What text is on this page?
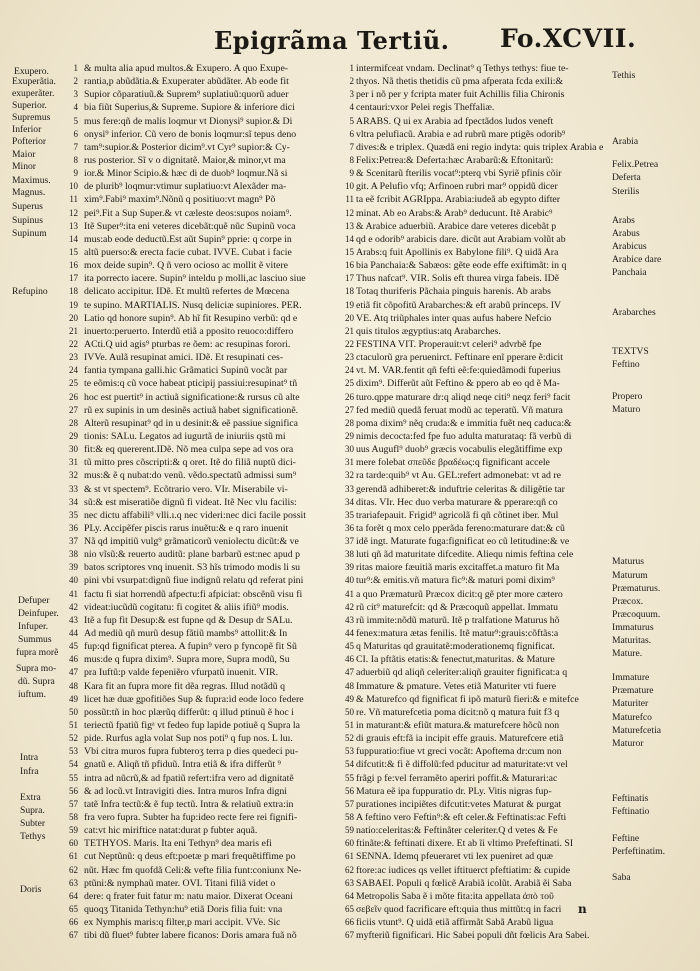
Epigrãma Tertiũ. Fo.XCVII.
1
2
3
4
5
6
7
8
9
10
11
12
13
14
15
16
17
18
19
20
21
22
23
24
25
26
27
28
29
30
31
32
33
34
35
36
37
38
39
40
41
42
43
44
45
46
47
48
49
50
51
52
53
54
55
56
57
58
59
60
61
62
63
64
65
66
67
& multa alia apud multos.& Exupero. A quo Exupe-
rantia,p abũdãtia.& Exuperater abũdãter. Ab eode fit
Supior cõparatiuũ.& Suprem⁹ suplatiuũ:quorũ aduer
bia fiũt Superius,& Supreme. Supiore & inferiore dici
mus fere:qñ de malis loqmur vt Dionysi⁹ supior.& Di
onysi⁹ inferior. Cũ vero de bonis loqmur:sĩ tepus deno
tam⁹:supior.& Posterior dicim⁹.vt Cyr⁹ supior:& Cy-
rus posterior. Sĩ v o dignitatẽ. Maior,& minor,vt ma
ior.& Minor Scipio.& hæc di de duob⁹ loqmur.Nã si
de plurib⁹ loqmur:vtimur suplatiuo:vt Alexãder ma-
xim⁹.Fabi⁹ maxim⁹.Nõnũ q positiuo:vt magn⁹ Põ
pei⁹.Fit a Sup Super.& vt cæleste deos:supos noiam⁹.
Itẽ Super⁹:ita eni veteres dicebãt:quẽ nũc Supinũ voca
mus:ab eode deductũ.Est aũt Supin⁹ pprie: q corpe in
altũ puerso:& erecta facie cubat. IVVE. Cubat i facie
mox deide supin⁹. Q ñ vero ocioso ac mollit ẽ vitere
ita porrecto iacere. Supin⁹ inteldu p molli,ac lasciuo siue
delicato accipitur. IDẽ. Et multũ refertes de Mœcena
te supino. MARTIALIS. Nusq deliciæ supiniores. PER.
Latio qd honore supin⁹. Ab hĩ fit Resupino verbũ: qd e
inuerto:peruerto. Interdũ etiã a pposito reuoco:differo
ACti.Q uid agis⁹ pturbas re õem: ac resupinas forori.
IVVe. Aulã resupinat amici. IDẽ. Et resupinati ces-
fantia tympana galli.hic Grãmatici Supinũ vocãt par
te eõmis:q cũ voce habeat pticipij passiui:resupinat⁹ tñ
hoc est puertit⁹ in actiuã significatione:& rursus cũ alte
rũ ex supinis in um desinẽs actiuã habet significationẽ.
Alterũ resupinat⁹ qd in u desinit:& eẽ passiue significa
tionis: SALu. Legatos ad iugurtã de iniuriis qstũ mi
fit:& eq quererent.IDẽ. Nõ mea culpa sepe ad vos ora
tũ mitto pres cõscripti:& q oret. Itẽ do filiã nuptũ dici-
mus:& ẽ q nubat:do venũ. vẽdo.spectatũ admissi sum⁹
& st vt spectem⁹. Ecõtrario vero. VIr. Miserabile vi-
sũ:& est miseratiõe dignũ fi videat. Itẽ Nec vlu facilis:
nec dictu affabili⁹ vlli.ı.q nec videri:nec dici facile possit
PLy. Accipẽfer piscis rarus inuẽtu:& e q raro inuenit
Nã qd impitiũ vulg⁹ grãmaticorũ veniolectu dicũt:& ve
nio vĩsũ:& reuerto auditũ: plane barbarũ est:nec apud p
batos scriptores vnq inuenit. S3 hĩs trimodo modis li su
pini vbi vsurpat:dignũ fiue indignũ relatu qd referat pini
factu fi siat horrendũ afpectu:fi afpiciat: obscẽnũ visu fi
videat:iucũdũ cogitatu: fi cogitet & aliis ifiũ⁹ modis.
Itẽ a fup fit Desup:& est fupne qd & Desup dr SALu.
Ad mediũ qñ murũ desup fãtiũ mambs⁹ attollit:& In
fup:qd fignificat pterea. A fupin⁹ vero p fyncopẽ fit Sũ
mus:de q fupra dixim⁹. Supra more, Supra modũ, Su
pra Iuftũ:p valde fepeniẽro vfurpatũ inuenit. VIR.
Kara fit an fupra more fit dẽa regras. Illud notãdũ q
licet hæ duæ gpofitiões Sup & fupra:id eode loco federe
possũt:tñ in hoc plærũq differũt: q illud ptinuũ ẽ hoc i
teriectũ fpatiũ figᵃ vt fedeo fup lapide potiuẽ q Supra la
pide. Rurfus agla volat Sup nos poti⁹ q fup nos. L luı.
Vbi citra muros fupra fubteroʒ terra p dies quedeci pu-
gnatũ e. Aliqñ tñ pfiduũ. Intra etiã & ifra differũt ⁹
intra ad nũcrũ,& ad fpatiũ refert:ifra vero ad dignitatẽ
& ad locũ.vt Intravigiti dies. Intra muros Infra digni
tatẽ Infra tectũ:& ẽ fup tectũ. Intra & relatiuũ extra:in
fra vero fupra. Subter ha fup:ideo recte fere rei fignifi-
cat:vt hic miriftice natat:durat p fubter aquã.
TETHYOS. Maris. Ita eni Tethyn⁹ dea maris efi
cut Neptũnũ: q deus eft:poetæ p mari frequẽtiffime po
nũt. Hæc fm quofdã Celi:& vefte filia funt:coniunx Ne-
ptũni:& nymphaũ mater. OVI. Titani filiã videt o
dere: q frater fuit fatur m: natu maior. Dixerat Oceani
quoqʒ Titanida Tethyn:hu⁹ etiã Doris filia fuit: vna
ex Nymphis maris:q filter,p mari accipit. VVe. Sic
tibi dũ fluet⁹ fubter labere ficanos: Doris amara fuã nõ
1
2
3
4
5
6
7
8
9
10
11
12
13
14
15
16
17
18
19
20
21
22
23
24
25
26
27
28
29
30
31
32
33
34
35
36
37
38
39
40
41
42
43
44
45
46
47
48
49
50
51
52
53
54
55
56
57
58
59
60
61
62
63
64
65
66
67
intermifceat vndam. Declinat⁹ q Tethys tethys: fiue te-
thyos. Nã thetis thetidis cũ pma afperata fcda exili:&
per i nõ per y fcripta mater fuit Achillis filia Chironis
centauri:vxor Pelei regis Theffaliæ.
ARABS. Q ui ex Arabia ad fpectãdos ludos veneft
vltra pelufiacũ. Arabia e ad rubrũ mare ptigẽs odorib⁹
dives:& e triplex. Quædã eni regio indyta: quis triplex Arabia e
Felix:Petrea:& Deferta:hæc Arabarũ:& Eftonitarũ:
& Scenitarũ fterilis vocat⁹:pterq vbi Syriẽ pfinis cõir
git. A Pelufio vfq; Arfinoen rubri mar⁹ oppidũ dicer
ta eẽ fcribit AGRIppa. Arabia:iudeã ab egypto difter
minat. Ab eo Arabs:& Arab⁹ deducunt. Itẽ Arabic⁹
& Arabice aduerbiũ. Arabice dare veteres dicebãt p
qd e odorib⁹ arabicis dare. dicũt aut Arabiam volũt ab
Arabs:q fuit Apollinis ex Babylone fili⁹. Q uidã Ara
bia Panchaia:& Sabæos: gẽte eode effe exiftimãt: in q
Thus nafcat⁹. VIR. Solis eft thurea virga fabeis. IDẽ
Totaq thuriferis Pãchaia pinguis harenis. Ab arabs
etiã fit cõpofitũ Arabarches:& eft arabũ princeps. IV
VE. Atq triũphales inter quas aufus habere Nefcio
quis titulos ægyptius:atq Arabarches.
FESTINA VIT. Properauit:vt celeri⁹ advrbẽ fpe
ctaculorũ gra peruenirct. Feftinare enĩ pperare ẽ:dicit
vt. M. VAR.fentit qñ fefti eẽ:fe:quiedãmodi fuperius
dixim⁹. Differũt aũt Feftino & ppero ab eo qd ẽ Ma-
turo.qppe maturare dr:q aliqd neqe citi⁹ neqz feri⁹ facit
fed mediũ quedã feruat modũ ac teperatũ. Vñ matura
poma dixim⁹ nẽq cruda:& e immitia fuẽt neq caduca:&
nimis decocta:fed fpe fuo adulta maturataq: fã verbũ di
uus Augufl⁹ duob⁹ græcis vocabulis elegãtiffime exp
mere folebat σπεῦδε βραδέως:q fignificant accele
ra tarde:quib⁹ vt Au. GEL:refert admonebat: vt ad re
gerendã adhiberet:& induftrie celeritas & diligẽtie tar
ditas. VIr. Hec duo verba maturare & pperare:qñ co
trariafepauit. Frigid⁹ agricolã fi qñ cõtinet iber. Mul
ta forẽt q mox celo pperãda fereno:maturare dat:& cũ
idẽ ingt. Maturate fuga:fignificat eo cũ letitudine:& ve
luti qñ ãd maturitate difcedite. Aliequ nimis feftina cele
ritas maiore fæuitiã maris excitaffet.a maturo fit Ma
tur⁹:& emitis.vñ matura fic⁹:& maturi pomi dixim⁹
a quo Præmaturũ Præcox dicit:q gẽ pter more cætero
rũ cit⁹ maturefcit: qd & Præcoquũ appellat. Immatu
rũ immite:nõdũ maturũ. Itẽ p tralfatione Maturus hõ
fenex:matura ætas fenilis. Itẽ matur⁹:grauis:cõftãs:a
q Maturitas qd grauitatẽ:moderationemq fignificat.
CI. Ia pftãtis etatis:& fenectut,maturitas. & Mature
aduerbiũ qd aliqñ celeriter:aliqñ grauiter fignificat:a q
Immature & pmature. Vetes etiã Maturiter vti fuere
& Maturefco qd fignificat fi ipõ maturũ fieri:& e mitefce
re. Vñ maturefcetia poma dicit:nõ q matura fuit f3 q
in maturant:& efiũt matura.& maturefcere hõcũ non
di grauis eft:fã ia incipit effe grauis. Maturefcere etiã
fuppuratio:fiue vt greci vocãt: Apoftema dr:cum non
difcutit:& fi ẽ diffolũ:fed pducitur ad maturitate:vt vel
frãgi p fe:vel ferramẽto aperiri poffit.& Maturari:ac
Matura eẽ ipa fuppuratio dr. PLy. Vitis nigras fup-
purationes incipiẽtes difcutit:vetes Maturat & purgat
A feftino vero Feftin⁹:& eft celer.& Feftinatis:ac Fefti
natio:celeritas:& Feftinãter celeriter.Q d vetes & Fe
ftinãte:& feftinati dixere. Et ab ĩi vltimo Prefeftinati. SI
SENNA. Idemq pfeueraret vti lex pueniret ad quæ
ftore:ac iudices qs vellet iftituerct pfeftiatim: & cupide
SABAEI. Populi q fœlicẽ Arabiã icolũt. Arabiã ẽi Saba
Metropolis Saba ẽ i mõte fita:ita appellata ἀπὸ τοῦ
σεβεῖν quod facrificare eft:quia thus mittũt:q in facri
ficiis vtunt⁹. Q uidã etiã affirmãt Sabã Arabũ ligua
myfteriũ fignificari. Hic Sabei populi dñt fœlicis Ara Sabei.
Exupero.
Exuperãtia.
exuperãter.
Superior.
Supremus
Inferior
Pofterior
Maior
Minor
Maximus.
Magnus.
Superus
Supinus
Supinum
Refupino
Defuper
Deinfuper.
Infuper.
Summus
fupra morẽ
Supra mo-
dũ. Supra
iuftum.
Intra
Infra
Extra
Supra.
Subter
Tethys
Doris
Tethis
Arabia
Felix.Petrea
Deferta
Sterilis
Arabs
Arabus
Arabicus
Arabice dare
Panchaia
Arabarches
TEXTVS
Feftino
Propero
Maturo
Maturus
Maturum
Præmaturus.
Præcox.
Præcoquum.
Immaturus
Maturitas.
Mature.
Immature
Præmature
Maturiter
Maturefco
Maturefcetia
Maturor
Feftinatis
Feftinatio
Feftine
Perfeftinatim.
Saba
n
